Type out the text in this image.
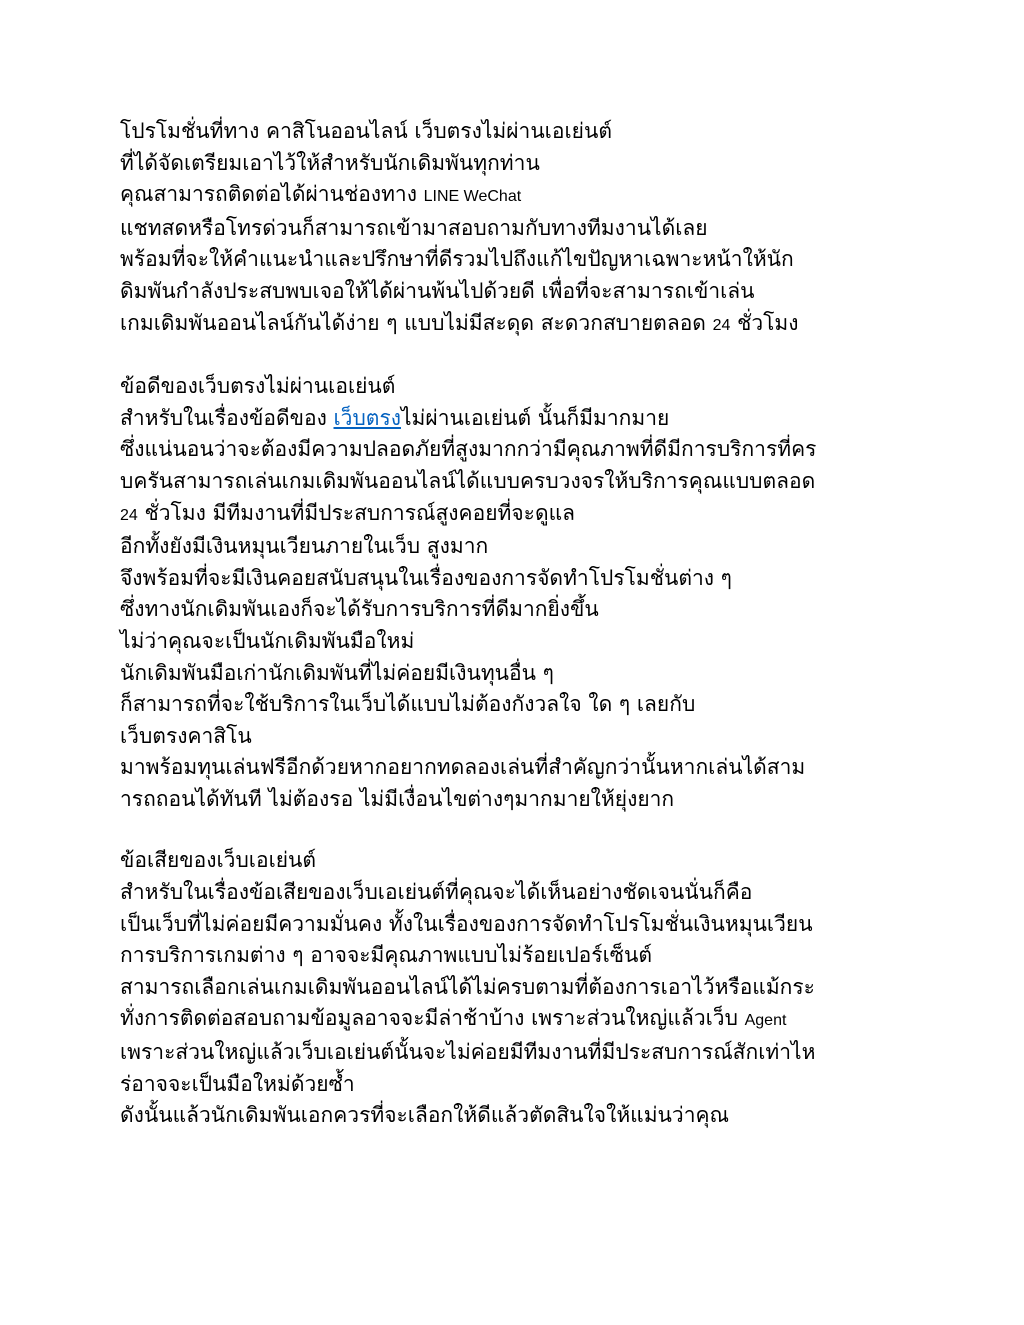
โปรโมชั่นที่ทาง คาสิโนออนไลน์ เว็บตรงไม่ผ่านเอเย่นต์
ที่ได้จัดเตรียมเอาไว้ให้สำหรับนักเดิมพันทุกท่าน
คุณสามารถติดต่อได้ผ่านช่องทาง LINE WeChat
แชทสดหรือโทรด่วนก็สามารถเข้ามาสอบถามกับทางทีมงานได้เลย
พร้อมที่จะให้คำแนะนำและปรึกษาที่ดีรวมไปถึงแก้ไขปัญหาเฉพาะหน้าให้นัก
ดิมพันกำลังประสบพบเจอให้ได้ผ่านพ้นไปด้วยดี เพื่อที่จะสามารถเข้าเล่น
เกมเดิมพันออนไลน์กันได้ง่าย ๆ แบบไม่มีสะดุด สะดวกสบายตลอด 24 ชั่วโมง
ข้อดีของเว็บตรงไม่ผ่านเอเย่นต์
สำหรับในเรื่องข้อดีของ เว็บตรงไม่ผ่านเอเย่นต์ นั้นก็มีมากมาย
ซึ่งแน่นอนว่าจะต้องมีความปลอดภัยที่สูงมากกว่ามีคุณภาพที่ดีมีการบริการที่คร
บครันสามารถเล่นเกมเดิมพันออนไลน์ได้แบบครบวงจรให้บริการคุณแบบตลอด
24 ชั่วโมง มีทีมงานที่มีประสบการณ์สูงคอยที่จะดูแล
อีกทั้งยังมีเงินหมุนเวียนภายในเว็บ สูงมาก
จึงพร้อมที่จะมีเงินคอยสนับสนุนในเรื่องของการจัดทำโปรโมชั่นต่าง ๆ
ซึ่งทางนักเดิมพันเองก็จะได้รับการบริการที่ดีมากยิ่งขึ้น
ไม่ว่าคุณจะเป็นนักเดิมพันมือใหม่
นักเดิมพันมือเก่านักเดิมพันที่ไม่ค่อยมีเงินทุนอื่น ๆ
ก็สามารถที่จะใช้บริการในเว็บได้แบบไม่ต้องกังวลใจ ใด ๆ เลยกับ
เว็บตรงคาสิโน
มาพร้อมทุนเล่นฟรีอีกด้วยหากอยากทดลองเล่นที่สำคัญกว่านั้นหากเล่นได้สาม
ารถถอนได้ทันที ไม่ต้องรอ ไม่มีเงื่อนไขต่างๆมากมายให้ยุ่งยาก
ข้อเสียของเว็บเอเย่นต์
สำหรับในเรื่องข้อเสียของเว็บเอเย่นต์ที่คุณจะได้เห็นอย่างชัดเจนนั่นก็คือ
เป็นเว็บที่ไม่ค่อยมีความมั่นคง ทั้งในเรื่องของการจัดทำโปรโมชั่นเงินหมุนเวียน
การบริการเกมต่าง ๆ อาจจะมีคุณภาพแบบไม่ร้อยเปอร์เซ็นต์
สามารถเลือกเล่นเกมเดิมพันออนไลน์ได้ไม่ครบตามที่ต้องการเอาไว้หรือแม้กระ
ทั่งการติดต่อสอบถามข้อมูลอาจจะมีล่าช้าบ้าง เพราะส่วนใหญ่แล้วเว็บ Agent
เพราะส่วนใหญ่แล้วเว็บเอเย่นต์นั้นจะไม่ค่อยมีทีมงานที่มีประสบการณ์สักเท่าไห
ร่อาจจะเป็นมือใหม่ด้วยซ้ำ
ดังนั้นแล้วนักเดิมพันเอกควรที่จะเลือกให้ดีแล้วตัดสินใจให้แม่นว่าคุณ
